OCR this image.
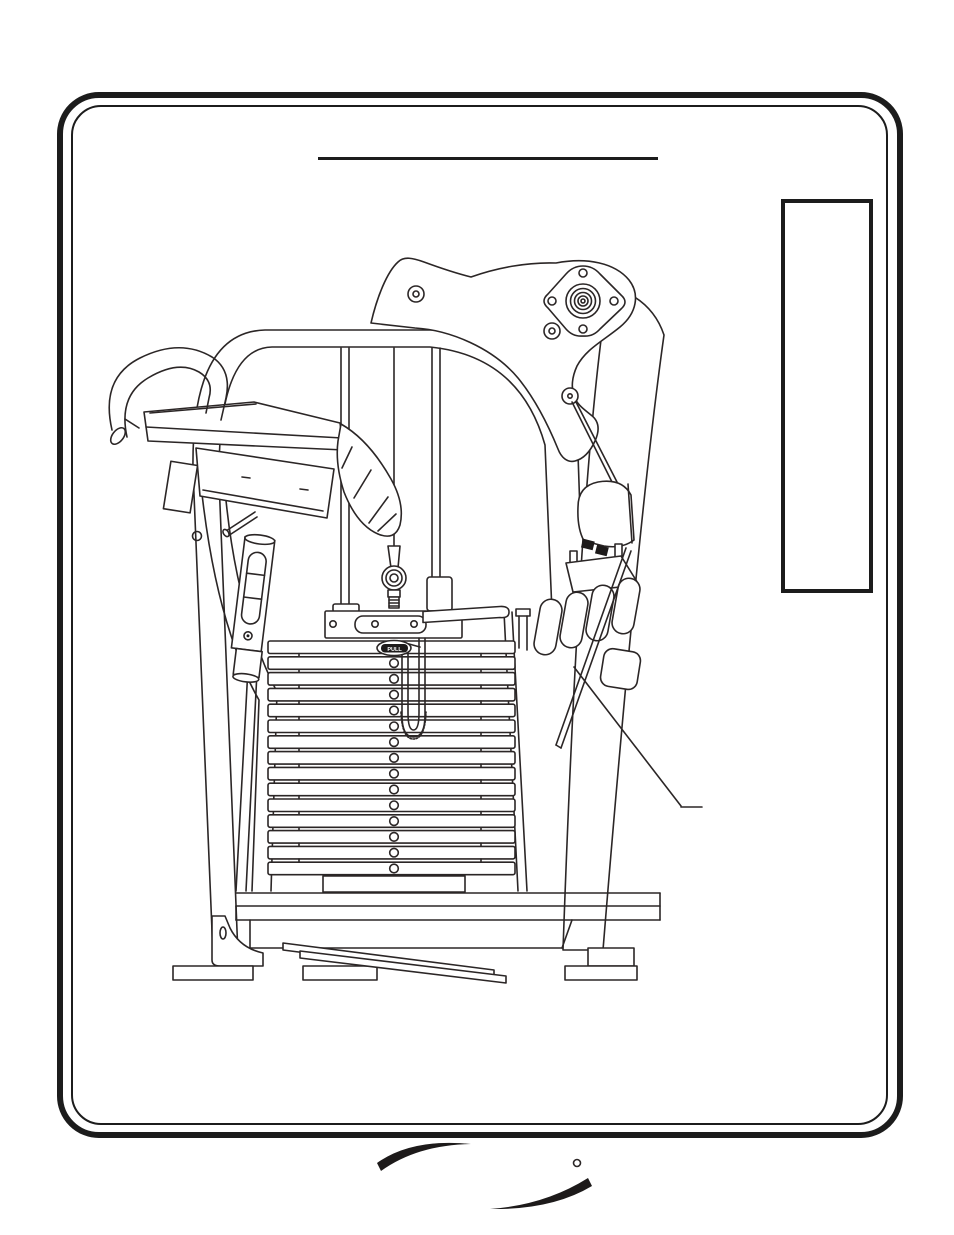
PULL
